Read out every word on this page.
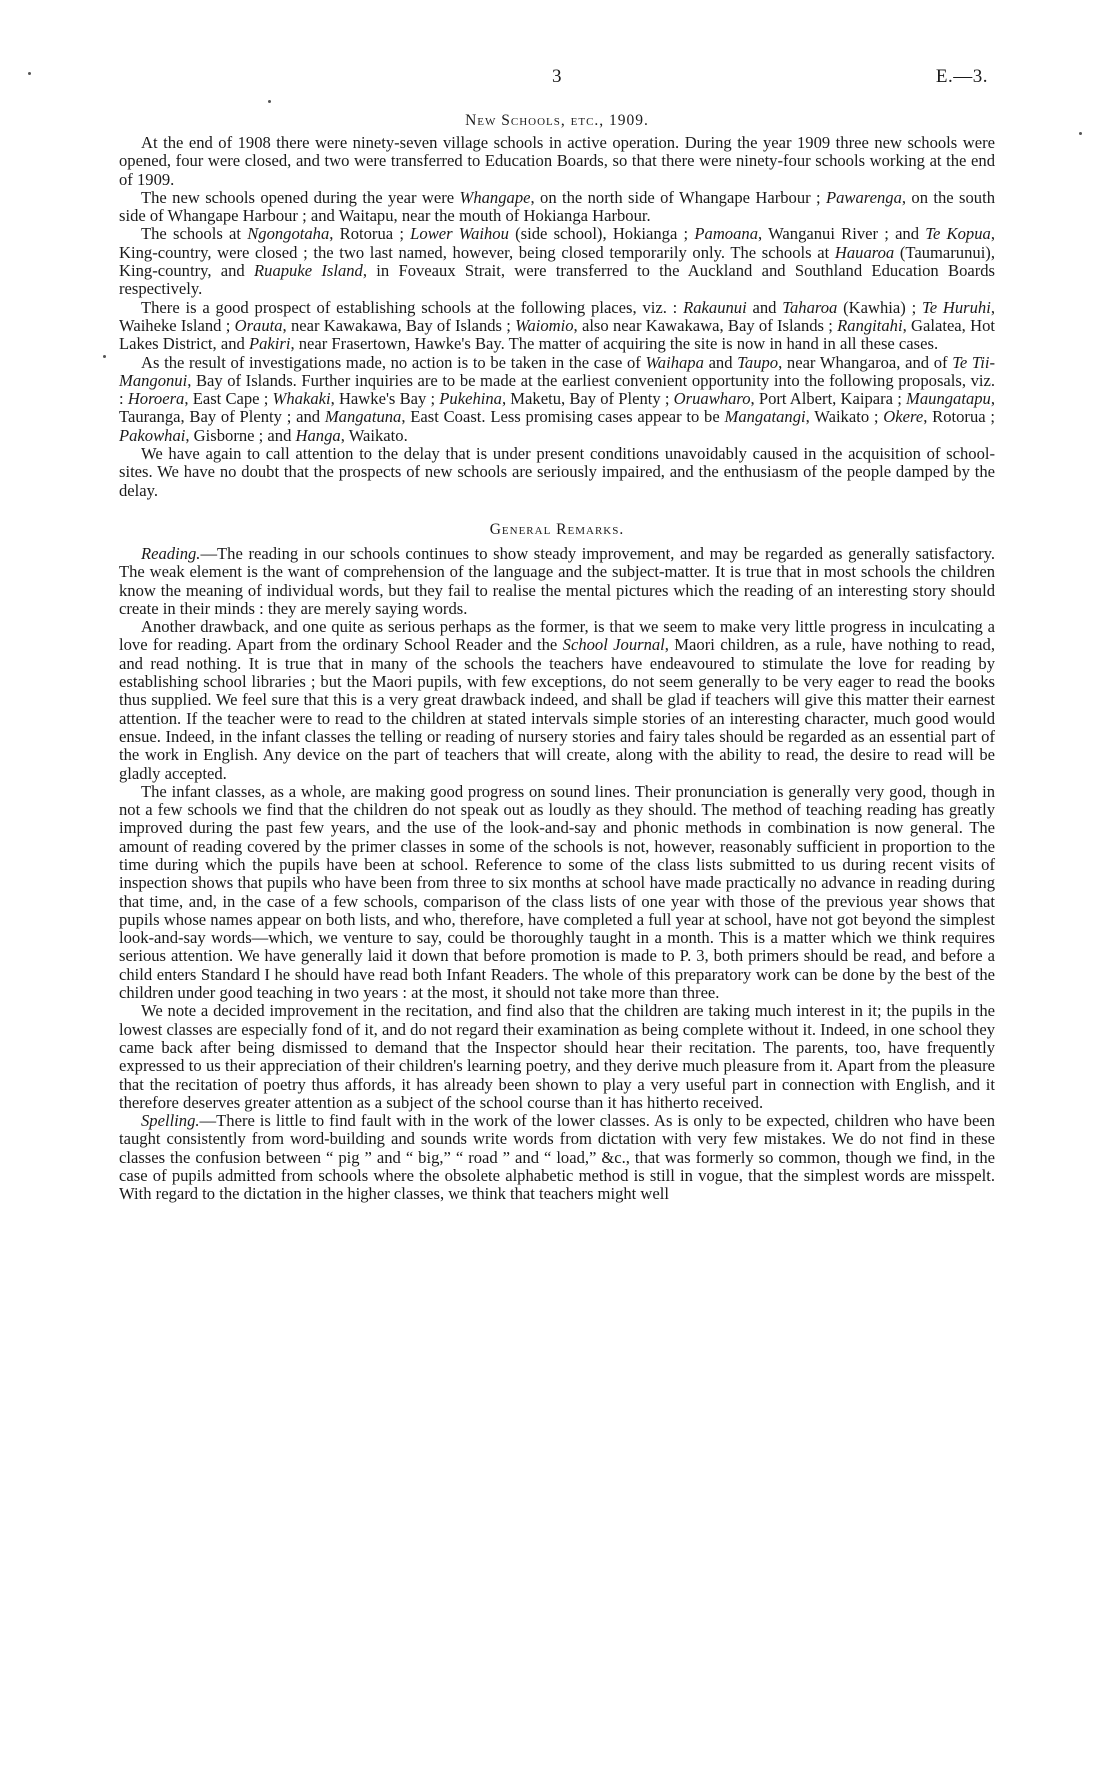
3	E.—3.
New Schools, etc., 1909.

At the end of 1908 there were ninety-seven village schools in active operation. During the year 1909 three new schools were opened, four were closed, and two were transferred to Education Boards, so that there were ninety-four schools working at the end of 1909.

The new schools opened during the year were Whangape, on the north side of Whangape Harbour ; Pawarenga, on the south side of Whangape Harbour ; and Waitapu, near the mouth of Hokianga Harbour.

The schools at Ngongotaha, Rotorua ; Lower Waihou (side school), Hokianga ; Pamoana, Wanganui River ; and Te Kopua, King-country, were closed ; the two last named, however, being closed temporarily only. The schools at Hauaroa (Taumarunui), King-country, and Ruapuke Island, in Foveaux Strait, were transferred to the Auckland and Southland Education Boards respectively.

There is a good prospect of establishing schools at the following places, viz. : Rakaunui and Taharoa (Kawhia) ; Te Huruhi, Waiheke Island ; Orauta, near Kawakawa, Bay of Islands ; Waiomio, also near Kawakawa, Bay of Islands ; Rangitahi, Galatea, Hot Lakes District, and Pakiri, near Frasertown, Hawke's Bay. The matter of acquiring the site is now in hand in all these cases.

As the result of investigations made, no action is to be taken in the case of Waihapa and Taupo, near Whangaroa, and of Te Tii-Mangonui, Bay of Islands. Further inquiries are to be made at the earliest convenient opportunity into the following proposals, viz. : Horoera, East Cape ; Whakaki, Hawke's Bay ; Pukehina, Maketu, Bay of Plenty ; Oruawharo, Port Albert, Kaipara ; Maungatapu, Tauranga, Bay of Plenty ; and Mangatuna, East Coast. Less promising cases appear to be Mangatangi, Waikato ; Okere, Rotorua ; Pakowhai, Gisborne ; and Hanga, Waikato.

We have again to call attention to the delay that is under present conditions unavoidably caused in the acquisition of school-sites. We have no doubt that the prospects of new schools are seriously impaired, and the enthusiasm of the people damped by the delay.

General Remarks.

Reading.—The reading in our schools continues to show steady improvement, and may be regarded as generally satisfactory. The weak element is the want of comprehension of the language and the subject-matter. It is true that in most schools the children know the meaning of individual words, but they fail to realise the mental pictures which the reading of an interesting story should create in their minds : they are merely saying words.

Another drawback, and one quite as serious perhaps as the former, is that we seem to make very little progress in inculcating a love for reading. Apart from the ordinary School Reader and the School Journal, Maori children, as a rule, have nothing to read, and read nothing. It is true that in many of the schools the teachers have endeavoured to stimulate the love for reading by establishing school libraries ; but the Maori pupils, with few exceptions, do not seem generally to be very eager to read the books thus supplied. We feel sure that this is a very great drawback indeed, and shall be glad if teachers will give this matter their earnest attention. If the teacher were to read to the children at stated intervals simple stories of an interesting character, much good would ensue. Indeed, in the infant classes the telling or reading of nursery stories and fairy tales should be regarded as an essential part of the work in English. Any device on the part of teachers that will create, along with the ability to read, the desire to read will be gladly accepted.

The infant classes, as a whole, are making good progress on sound lines. Their pronunciation is generally very good, though in not a few schools we find that the children do not speak out as loudly as they should. The method of teaching reading has greatly improved during the past few years, and the use of the look-and-say and phonic methods in combination is now general. The amount of reading covered by the primer classes in some of the schools is not, however, reasonably sufficient in proportion to the time during which the pupils have been at school. Reference to some of the class lists submitted to us during recent visits of inspection shows that pupils who have been from three to six months at school have made practically no advance in reading during that time, and, in the case of a few schools, comparison of the class lists of one year with those of the previous year shows that pupils whose names appear on both lists, and who, therefore, have completed a full year at school, have not got beyond the simplest look-and-say words—which, we venture to say, could be thoroughly taught in a month. This is a matter which we think requires serious attention. We have generally laid it down that before promotion is made to P. 3, both primers should be read, and before a child enters Standard I he should have read both Infant Readers. The whole of this preparatory work can be done by the best of the children under good teaching in two years : at the most, it should not take more than three.

We note a decided improvement in the recitation, and find also that the children are taking much interest in it; the pupils in the lowest classes are especially fond of it, and do not regard their examination as being complete without it. Indeed, in one school they came back after being dismissed to demand that the Inspector should hear their recitation. The parents, too, have frequently expressed to us their appreciation of their children's learning poetry, and they derive much pleasure from it. Apart from the pleasure that the recitation of poetry thus affords, it has already been shown to play a very useful part in connection with English, and it therefore deserves greater attention as a subject of the school course than it has hitherto received.

Spelling.—There is little to find fault with in the work of the lower classes. As is only to be expected, children who have been taught consistently from word-building and sounds write words from dictation with very few mistakes. We do not find in these classes the confusion between “ pig ” and “ big,” “ road ” and “ load,” &c., that was formerly so common, though we find, in the case of pupils admitted from schools where the obsolete alphabetic method is still in vogue, that the simplest words are misspelt. With regard to the dictation in the higher classes, we think that teachers might well
